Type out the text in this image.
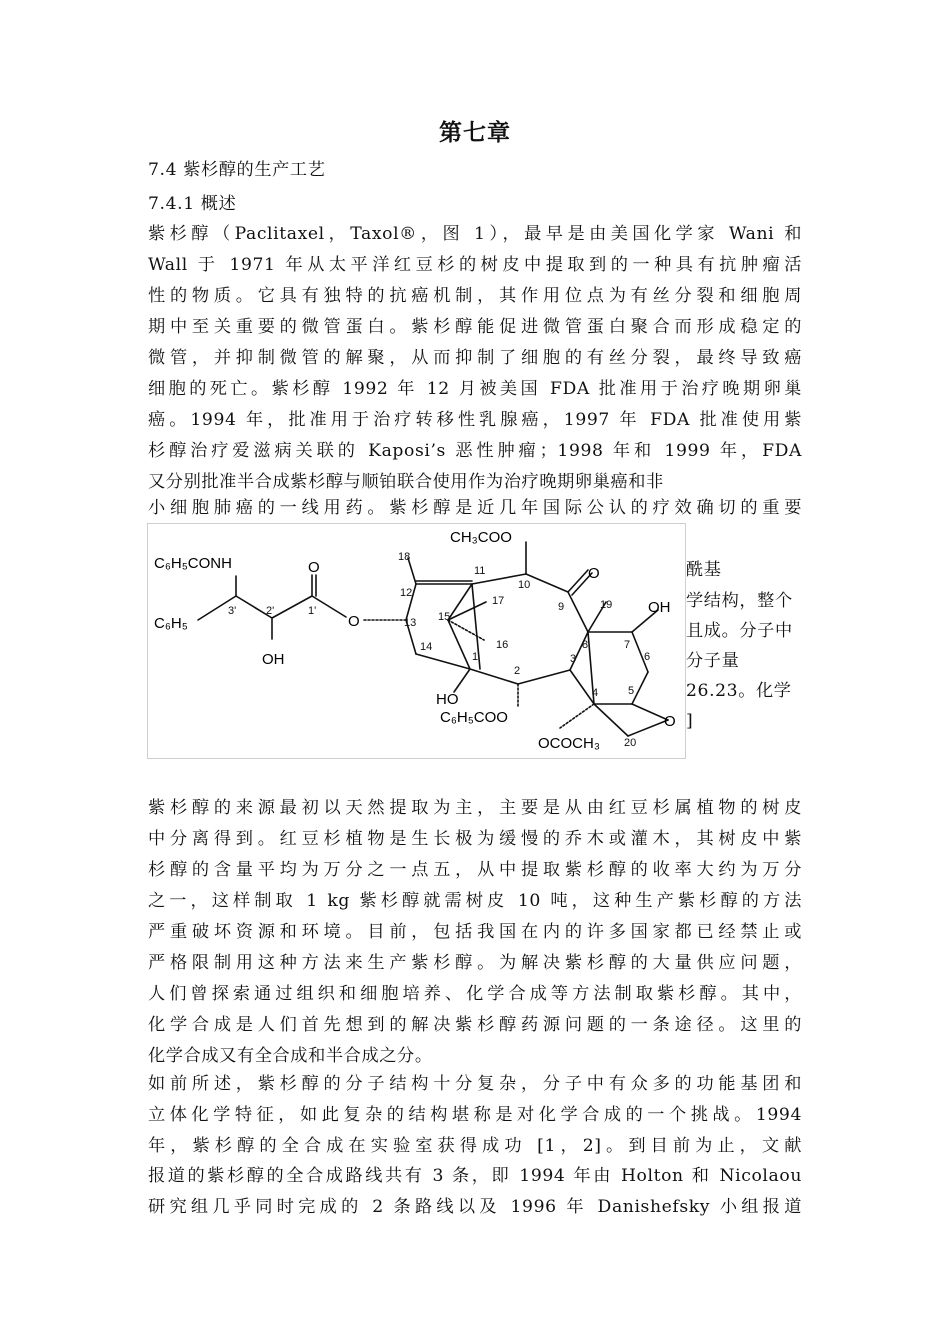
第七章
7.4 紫杉醇的生产工艺
7.4.1 概述
紫杉醇（Paclitaxel，Taxol®，图 1），最早是由美国化学家 Wani 和
Wall 于 1971 年从太平洋红豆杉的树皮中提取到的一种具有抗肿瘤活
性的物质。它具有独特的抗癌机制，其作用位点为有丝分裂和细胞周
期中至关重要的微管蛋白。紫杉醇能促进微管蛋白聚合而形成稳定的
微管，并抑制微管的解聚，从而抑制了细胞的有丝分裂，最终导致癌
细胞的死亡。紫杉醇 1992 年 12 月被美国 FDA 批准用于治疗晚期卵巢
癌。1994 年，批准用于治疗转移性乳腺癌，1997 年 FDA 批准使用紫
杉醇治疗爱滋病关联的 Kaposi’s 恶性肿瘤；1998 年和 1999 年，FDA
又分别批准半合成紫杉醇与顺铂联合使用作为治疗晚期卵巢癌和非
小细胞肺癌的一线用药。紫杉醇是近几年国际公认的疗效确切的重要
酰基
学结构，整个
且成。分子中
分子量
26.23。化学
]
C₆H₅CONH
C₆H₅
OH
O
O
CH₃COO
O
OH
HO
C₆H₅COO
OCOCH₃
O
18
12
11
10
9	19
8	7
6
5
4
3
2
1
13
14
15
16
17
3'	2'	1'
20
紫杉醇的来源最初以天然提取为主，主要是从由红豆杉属植物的树皮
中分离得到。红豆杉植物是生长极为缓慢的乔木或灌木，其树皮中紫
杉醇的含量平均为万分之一点五，从中提取紫杉醇的收率大约为万分
之一，这样制取 1 kg 紫杉醇就需树皮 10 吨，这种生产紫杉醇的方法
严重破坏资源和环境。目前，包括我国在内的许多国家都已经禁止或
严格限制用这种方法来生产紫杉醇。为解决紫杉醇的大量供应问题，
人们曾探索通过组织和细胞培养、化学合成等方法制取紫杉醇。其中，
化学合成是人们首先想到的解决紫杉醇药源问题的一条途径。这里的
化学合成又有全合成和半合成之分。
如前所述，紫杉醇的分子结构十分复杂，分子中有众多的功能基团和
立体化学特征，如此复杂的结构堪称是对化学合成的一个挑战。1994
年，紫杉醇的全合成在实验室获得成功 [1，2]。到目前为止，文献
报道的紫杉醇的全合成路线共有 3 条，即 1994 年由 Holton 和 Nicolaou
研究组几乎同时完成的 2 条路线以及 1996 年 Danishefsky 小组报道
